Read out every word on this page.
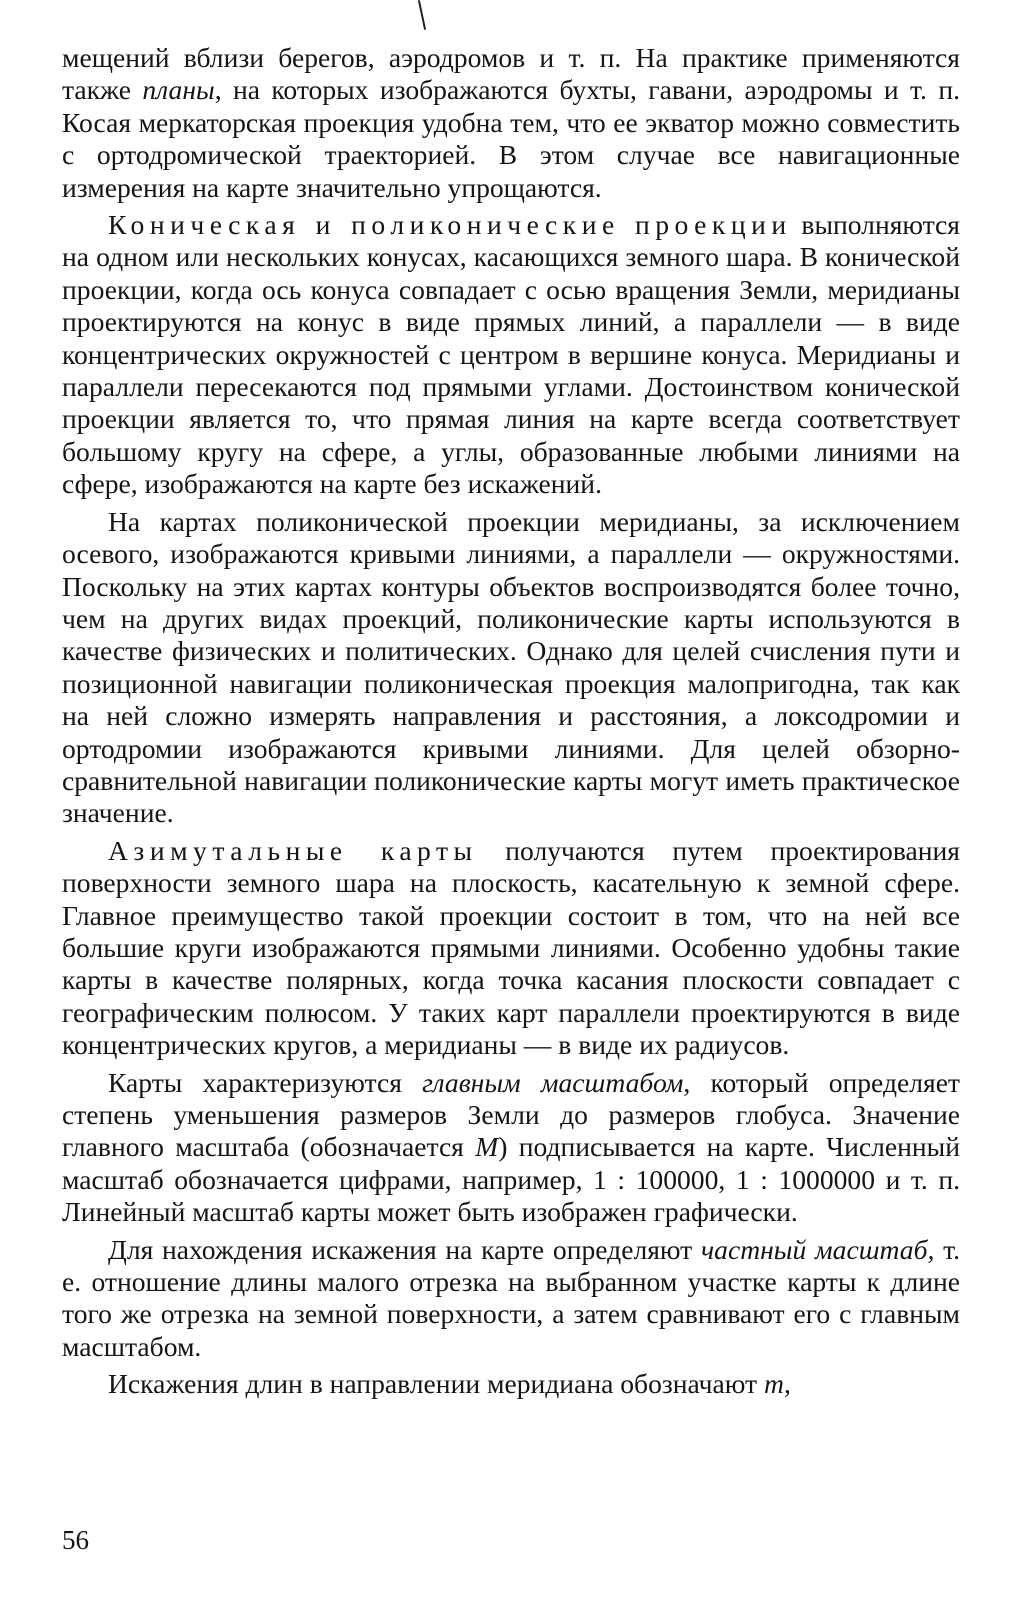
мещений вблизи берегов, аэродромов и т. п. На практике применяются также планы, на которых изображаются бухты, гавани, аэродромы и т. п. Косая меркаторская проекция удобна тем, что ее экватор можно совместить с ортодромической траекторией. В этом случае все навигационные измерения на карте значительно упрощаются.

Коническая и поликонические проекции выполняются на одном или нескольких конусах, касающихся земного шара. В конической проекции, когда ось конуса совпадает с осью вращения Земли, меридианы проектируются на конус в виде прямых линий, а параллели — в виде концентрических окружностей с центром в вершине конуса. Меридианы и параллели пересекаются под прямыми углами. Достоинством конической проекции является то, что прямая линия на карте всегда соответствует большому кругу на сфере, а углы, образованные любыми линиями на сфере, изображаются на карте без искажений.

На картах поликонической проекции меридианы, за исключением осевого, изображаются кривыми линиями, а параллели — окружностями. Поскольку на этих картах контуры объектов воспроизводятся более точно, чем на других видах проекций, поликонические карты используются в качестве физических и политических. Однако для целей счисления пути и позиционной навигации поликоническая проекция малопригодна, так как на ней сложно измерять направления и расстояния, а локсодромии и ортодромии изображаются кривыми линиями. Для целей обзорно-сравнительной навигации поликонические карты могут иметь практическое значение.

Азимутальные карты получаются путем проектирования поверхности земного шара на плоскость, касательную к земной сфере. Главное преимущество такой проекции состоит в том, что на ней все большие круги изображаются прямыми линиями. Особенно удобны такие карты в качестве полярных, когда точка касания плоскости совпадает с географическим полюсом. У таких карт параллели проектируются в виде концентрических кругов, а меридианы — в виде их радиусов.

Карты характеризуются главным масштабом, который определяет степень уменьшения размеров Земли до размеров глобуса. Значение главного масштаба (обозначается M) подписывается на карте. Численный масштаб обозначается цифрами, например, 1 : 100000, 1 : 1000000 и т. п. Линейный масштаб карты может быть изображен графически.

Для нахождения искажения на карте определяют частный масштаб, т. е. отношение длины малого отрезка на выбранном участке карты к длине того же отрезка на земной поверхности, а затем сравнивают его с главным масштабом.

Искажения длин в направлении меридиана обозначают m,

56
